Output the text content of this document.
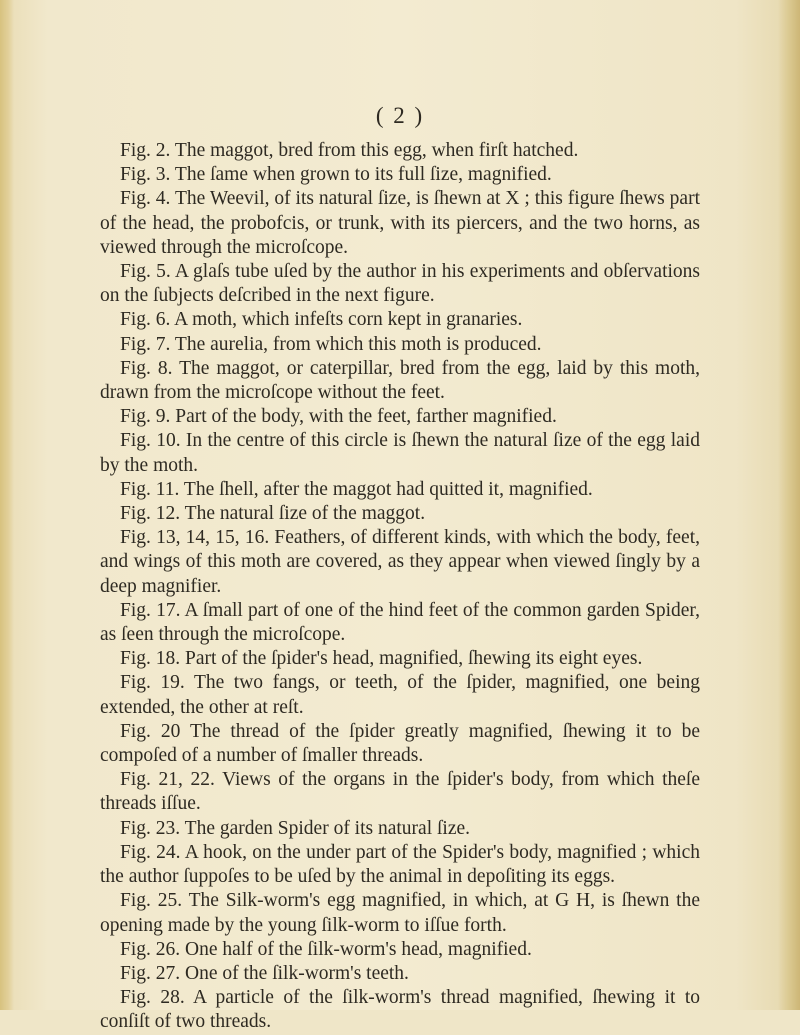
( 2 )

Fig. 2. The maggot, bred from this egg, when firſt hatched.

Fig. 3. The ſame when grown to its full ſize, magnified.

Fig. 4. The Weevil, of its natural ſize, is ſhewn at X ; this figure ſhews part of the head, the probofcis, or trunk, with its piercers, and the two horns, as viewed through the microſcope.

Fig. 5. A glaſs tube uſed by the author in his experiments and obſervations on the ſubjects deſcribed in the next figure.

Fig. 6. A moth, which infeſts corn kept in granaries.

Fig. 7. The aurelia, from which this moth is produced.

Fig. 8. The maggot, or caterpillar, bred from the egg, laid by this moth, drawn from the microſcope without the feet.

Fig. 9. Part of the body, with the feet, farther magnified.

Fig. 10. In the centre of this circle is ſhewn the natural ſize of the egg laid by the moth.

Fig. 11. The ſhell, after the maggot had quitted it, magnified.

Fig. 12. The natural ſize of the maggot.

Fig. 13, 14, 15, 16. Feathers, of different kinds, with which the body, feet, and wings of this moth are covered, as they appear when viewed ſingly by a deep magnifier.

Fig. 17. A ſmall part of one of the hind feet of the common garden Spider, as ſeen through the microſcope.

Fig. 18. Part of the ſpider's head, magnified, ſhewing its eight eyes.

Fig. 19. The two fangs, or teeth, of the ſpider, magnified, one being extended, the other at reſt.

Fig. 20 The thread of the ſpider greatly magnified, ſhewing it to be compoſed of a number of ſmaller threads.

Fig. 21, 22. Views of the organs in the ſpider's body, from which theſe threads iſſue.

Fig. 23. The garden Spider of its natural ſize.

Fig. 24. A hook, on the under part of the Spider's body, magnified ; which the author ſuppoſes to be uſed by the animal in depoſiting its eggs.

Fig. 25. The Silk-worm's egg magnified, in which, at G H, is ſhewn the opening made by the young ſilk-worm to iſſue forth.

Fig. 26. One half of the ſilk-worm's head, magnified.

Fig. 27. One of the ſilk-worm's teeth.

Fig. 28. A particle of the ſilk-worm's thread magnified, ſhewing it to conſiſt of two threads.
